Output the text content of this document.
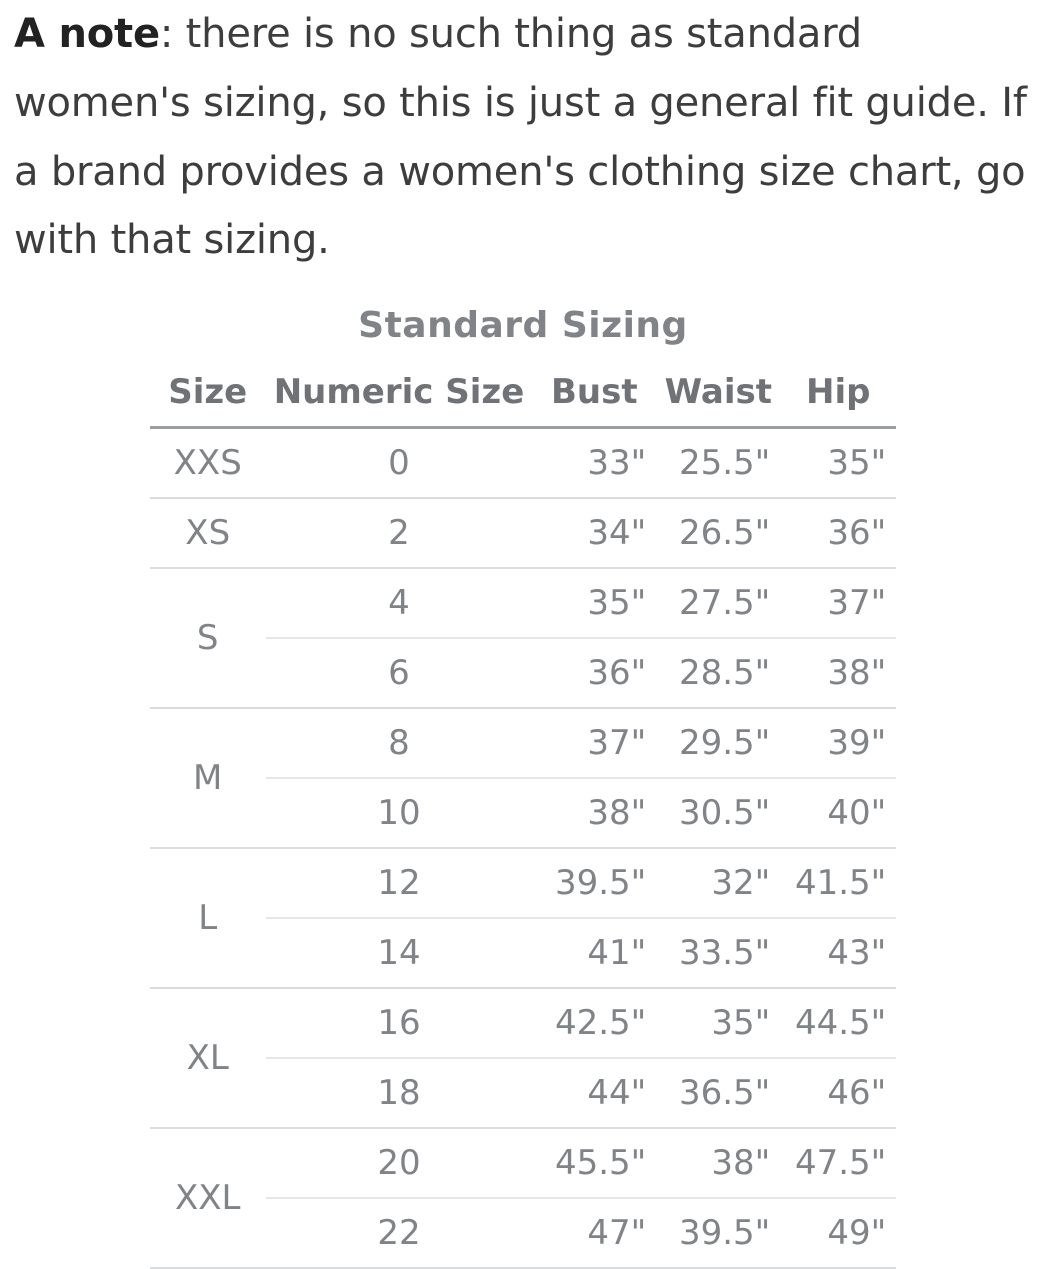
A note: there is no such thing as standard women's sizing, so this is just a general fit guide. If a brand provides a women's clothing size chart, go with that sizing.

Standard Sizing
Size	Numeric Size	Bust	Waist	Hip
XXS	0	33"	25.5"	35"
XS	2	34"	26.5"	36"
S	4	35"	27.5"	37"
	6	36"	28.5"	38"
M	8	37"	29.5"	39"
	10	38"	30.5"	40"
L	12	39.5"	32"	41.5"
	14	41"	33.5"	43"
XL	16	42.5"	35"	44.5"
	18	44"	36.5"	46"
XXL	20	45.5"	38"	47.5"
	22	47"	39.5"	49"
